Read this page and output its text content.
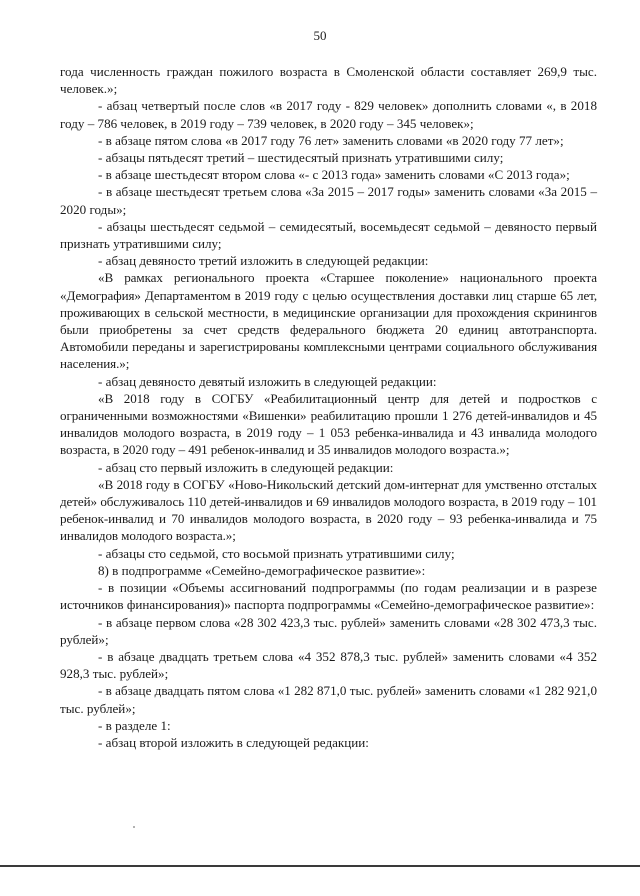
50

года численность граждан пожилого возраста в Смоленской области составляет 269,9 тыс. человек.»;

- абзац четвертый после слов «в 2017 году - 829 человек» дополнить словами «, в 2018 году – 786 человек, в 2019 году – 739 человек, в 2020 году – 345 человек»;

- в абзаце пятом слова «в 2017 году 76 лет» заменить словами «в 2020 году 77 лет»;

- абзацы пятьдесят третий – шестидесятый признать утратившими силу;

- в абзаце шестьдесят втором слова «- с 2013 года» заменить словами «С 2013 года»;

- в абзаце шестьдесят третьем слова «За 2015 – 2017 годы» заменить словами «За 2015 – 2020 годы»;

- абзацы шестьдесят седьмой – семидесятый, восемьдесят седьмой – девяносто первый признать утратившими силу;

- абзац девяносто третий изложить в следующей редакции:

«В рамках регионального проекта «Старшее поколение» национального проекта «Демография» Департаментом в 2019 году с целью осуществления доставки лиц старше 65 лет, проживающих в сельской местности, в медицинские организации для прохождения скринингов были приобретены за счет средств федерального бюджета 20 единиц автотранспорта. Автомобили переданы и зарегистрированы комплексными центрами социального обслуживания населения.»;

- абзац девяносто девятый изложить в следующей редакции:

«В 2018 году в СОГБУ «Реабилитационный центр для детей и подростков с ограниченными возможностями «Вишенки» реабилитацию прошли 1 276 детей-инвалидов и 45 инвалидов молодого возраста, в 2019 году – 1 053 ребенка-инвалида и 43 инвалида молодого возраста, в 2020 году – 491 ребенок-инвалид и 35 инвалидов молодого возраста.»;

- абзац сто первый изложить в следующей редакции:

«В 2018 году в СОГБУ «Ново-Никольский детский дом-интернат для умственно отсталых детей» обслуживалось 110 детей-инвалидов и 69 инвалидов молодого возраста, в 2019 году – 101 ребенок-инвалид и 70 инвалидов молодого возраста, в 2020 году – 93 ребенка-инвалида и 75 инвалидов молодого возраста.»;

- абзацы сто седьмой, сто восьмой признать утратившими силу;

8) в подпрограмме «Семейно-демографическое развитие»:

- в позиции «Объемы ассигнований подпрограммы (по годам реализации и в разрезе источников финансирования)» паспорта подпрограммы «Семейно-демографическое развитие»:

- в абзаце первом слова «28 302 423,3 тыс. рублей» заменить словами «28 302 473,3 тыс. рублей»;

- в абзаце двадцать третьем слова «4 352 878,3 тыс. рублей» заменить словами «4 352 928,3 тыс. рублей»;

- в абзаце двадцать пятом слова «1 282 871,0 тыс. рублей» заменить словами «1 282 921,0 тыс. рублей»;

- в разделе 1:

- абзац второй изложить в следующей редакции:
